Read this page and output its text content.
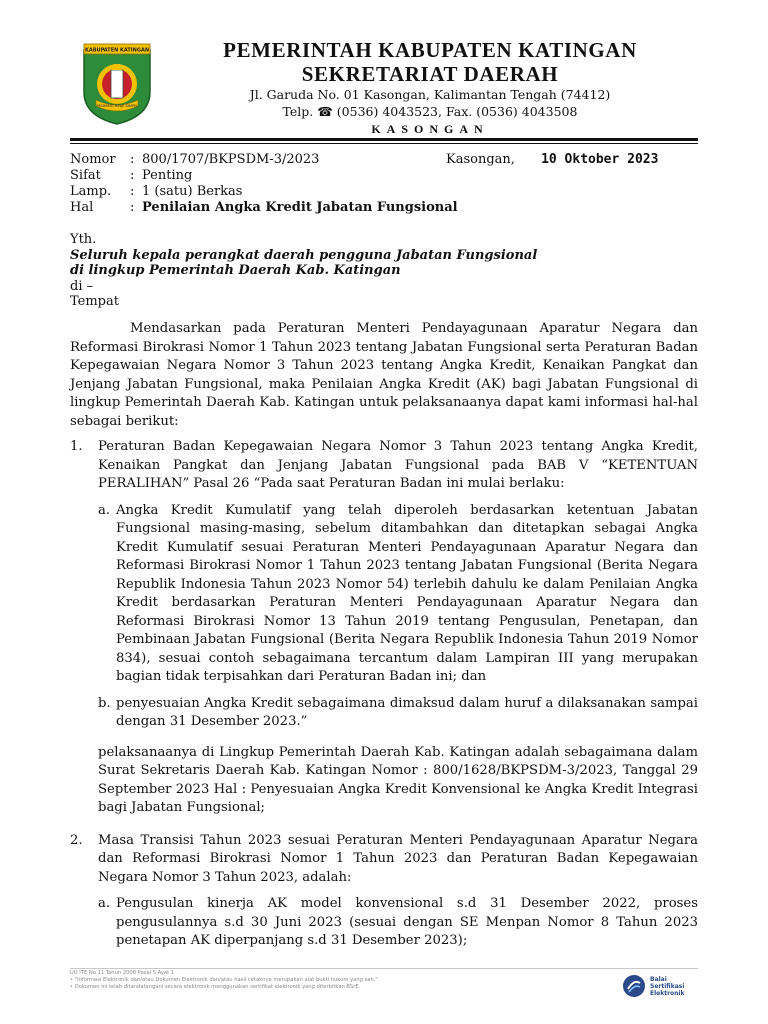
KABUPATEN KATINGAN
PENYANG HINJE SIMPEI
PEMERINTAH KABUPATEN KATINGAN
SEKRETARIAT DAERAH
Jl. Garuda No. 01 Kasongan, Kalimantan Tengah (74412)
Telp. ☎ (0536) 4043523, Fax. (0536) 4043508
KASONGAN
Nomor	: 800/1707/BKPSDM-3/2023
Sifat	: Penting
Lamp.	: 1 (satu) Berkas
Hal	: Penilaian Angka Kredit Jabatan Fungsional
Kasongan, 10 Oktober 2023
Yth.
Seluruh kepala perangkat daerah pengguna Jabatan Fungsional
di lingkup Pemerintah Daerah Kab. Katingan
di –
Tempat

Mendasarkan pada Peraturan Menteri Pendayagunaan Aparatur Negara dan Reformasi Birokrasi Nomor 1 Tahun 2023 tentang Jabatan Fungsional serta Peraturan Badan Kepegawaian Negara Nomor 3 Tahun 2023 tentang Angka Kredit, Kenaikan Pangkat dan Jenjang Jabatan Fungsional, maka Penilaian Angka Kredit (AK) bagi Jabatan Fungsional di lingkup Pemerintah Daerah Kab. Katingan untuk pelaksanaanya dapat kami informasi hal-hal sebagai berikut:

1.	Peraturan Badan Kepegawaian Negara Nomor 3 Tahun 2023 tentang Angka Kredit, Kenaikan Pangkat dan Jenjang Jabatan Fungsional pada BAB V “KETENTUAN PERALIHAN” Pasal 26 “Pada saat Peraturan Badan ini mulai berlaku:
a. Angka Kredit Kumulatif yang telah diperoleh berdasarkan ketentuan Jabatan Fungsional masing-masing, sebelum ditambahkan dan ditetapkan sebagai Angka Kredit Kumulatif sesuai Peraturan Menteri Pendayagunaan Aparatur Negara dan Reformasi Birokrasi Nomor 1 Tahun 2023 tentang Jabatan Fungsional (Berita Negara Republik Indonesia Tahun 2023 Nomor 54) terlebih dahulu ke dalam Penilaian Angka Kredit berdasarkan Peraturan Menteri Pendayagunaan Aparatur Negara dan Reformasi Birokrasi Nomor 13 Tahun 2019 tentang Pengusulan, Penetapan, dan Pembinaan Jabatan Fungsional (Berita Negara Republik Indonesia Tahun 2019 Nomor 834), sesuai contoh sebagaimana tercantum dalam Lampiran III yang merupakan bagian tidak terpisahkan dari Peraturan Badan ini; dan
b. penyesuaian Angka Kredit sebagaimana dimaksud dalam huruf a dilaksanakan sampai dengan 31 Desember 2023.”
pelaksanaanya di Lingkup Pemerintah Daerah Kab. Katingan adalah sebagaimana dalam Surat Sekretaris Daerah Kab. Katingan Nomor : 800/1628/BKPSDM-3/2023, Tanggal 29 September 2023 Hal : Penyesuaian Angka Kredit Konvensional ke Angka Kredit Integrasi bagi Jabatan Fungsional;
2.	Masa Transisi Tahun 2023 sesuai Peraturan Menteri Pendayagunaan Aparatur Negara dan Reformasi Birokrasi Nomor 1 Tahun 2023 dan Peraturan Badan Kepegawaian Negara Nomor 3 Tahun 2023, adalah:
a. Pengusulan kinerja AK model konvensional s.d 31 Desember 2022, proses pengusulannya s.d 30 Juni 2023 (sesuai dengan SE Menpan Nomor 8 Tahun 2023 penetapan AK diperpanjang s.d 31 Desember 2023);
UU ITE No 11 Tahun 2008 Pasal 5 Ayat 1
• "Informasi Elektronik dan/atau Dokumen Elektronik dan/atau hasil cetaknya merupakan alat bukti hukum yang sah."
• Dokumen ini telah ditandatangani secara elektronik menggunakan sertifikat elektronik yang diterbitkan BSrE.
Balai
Sertifikasi
Elektronik
